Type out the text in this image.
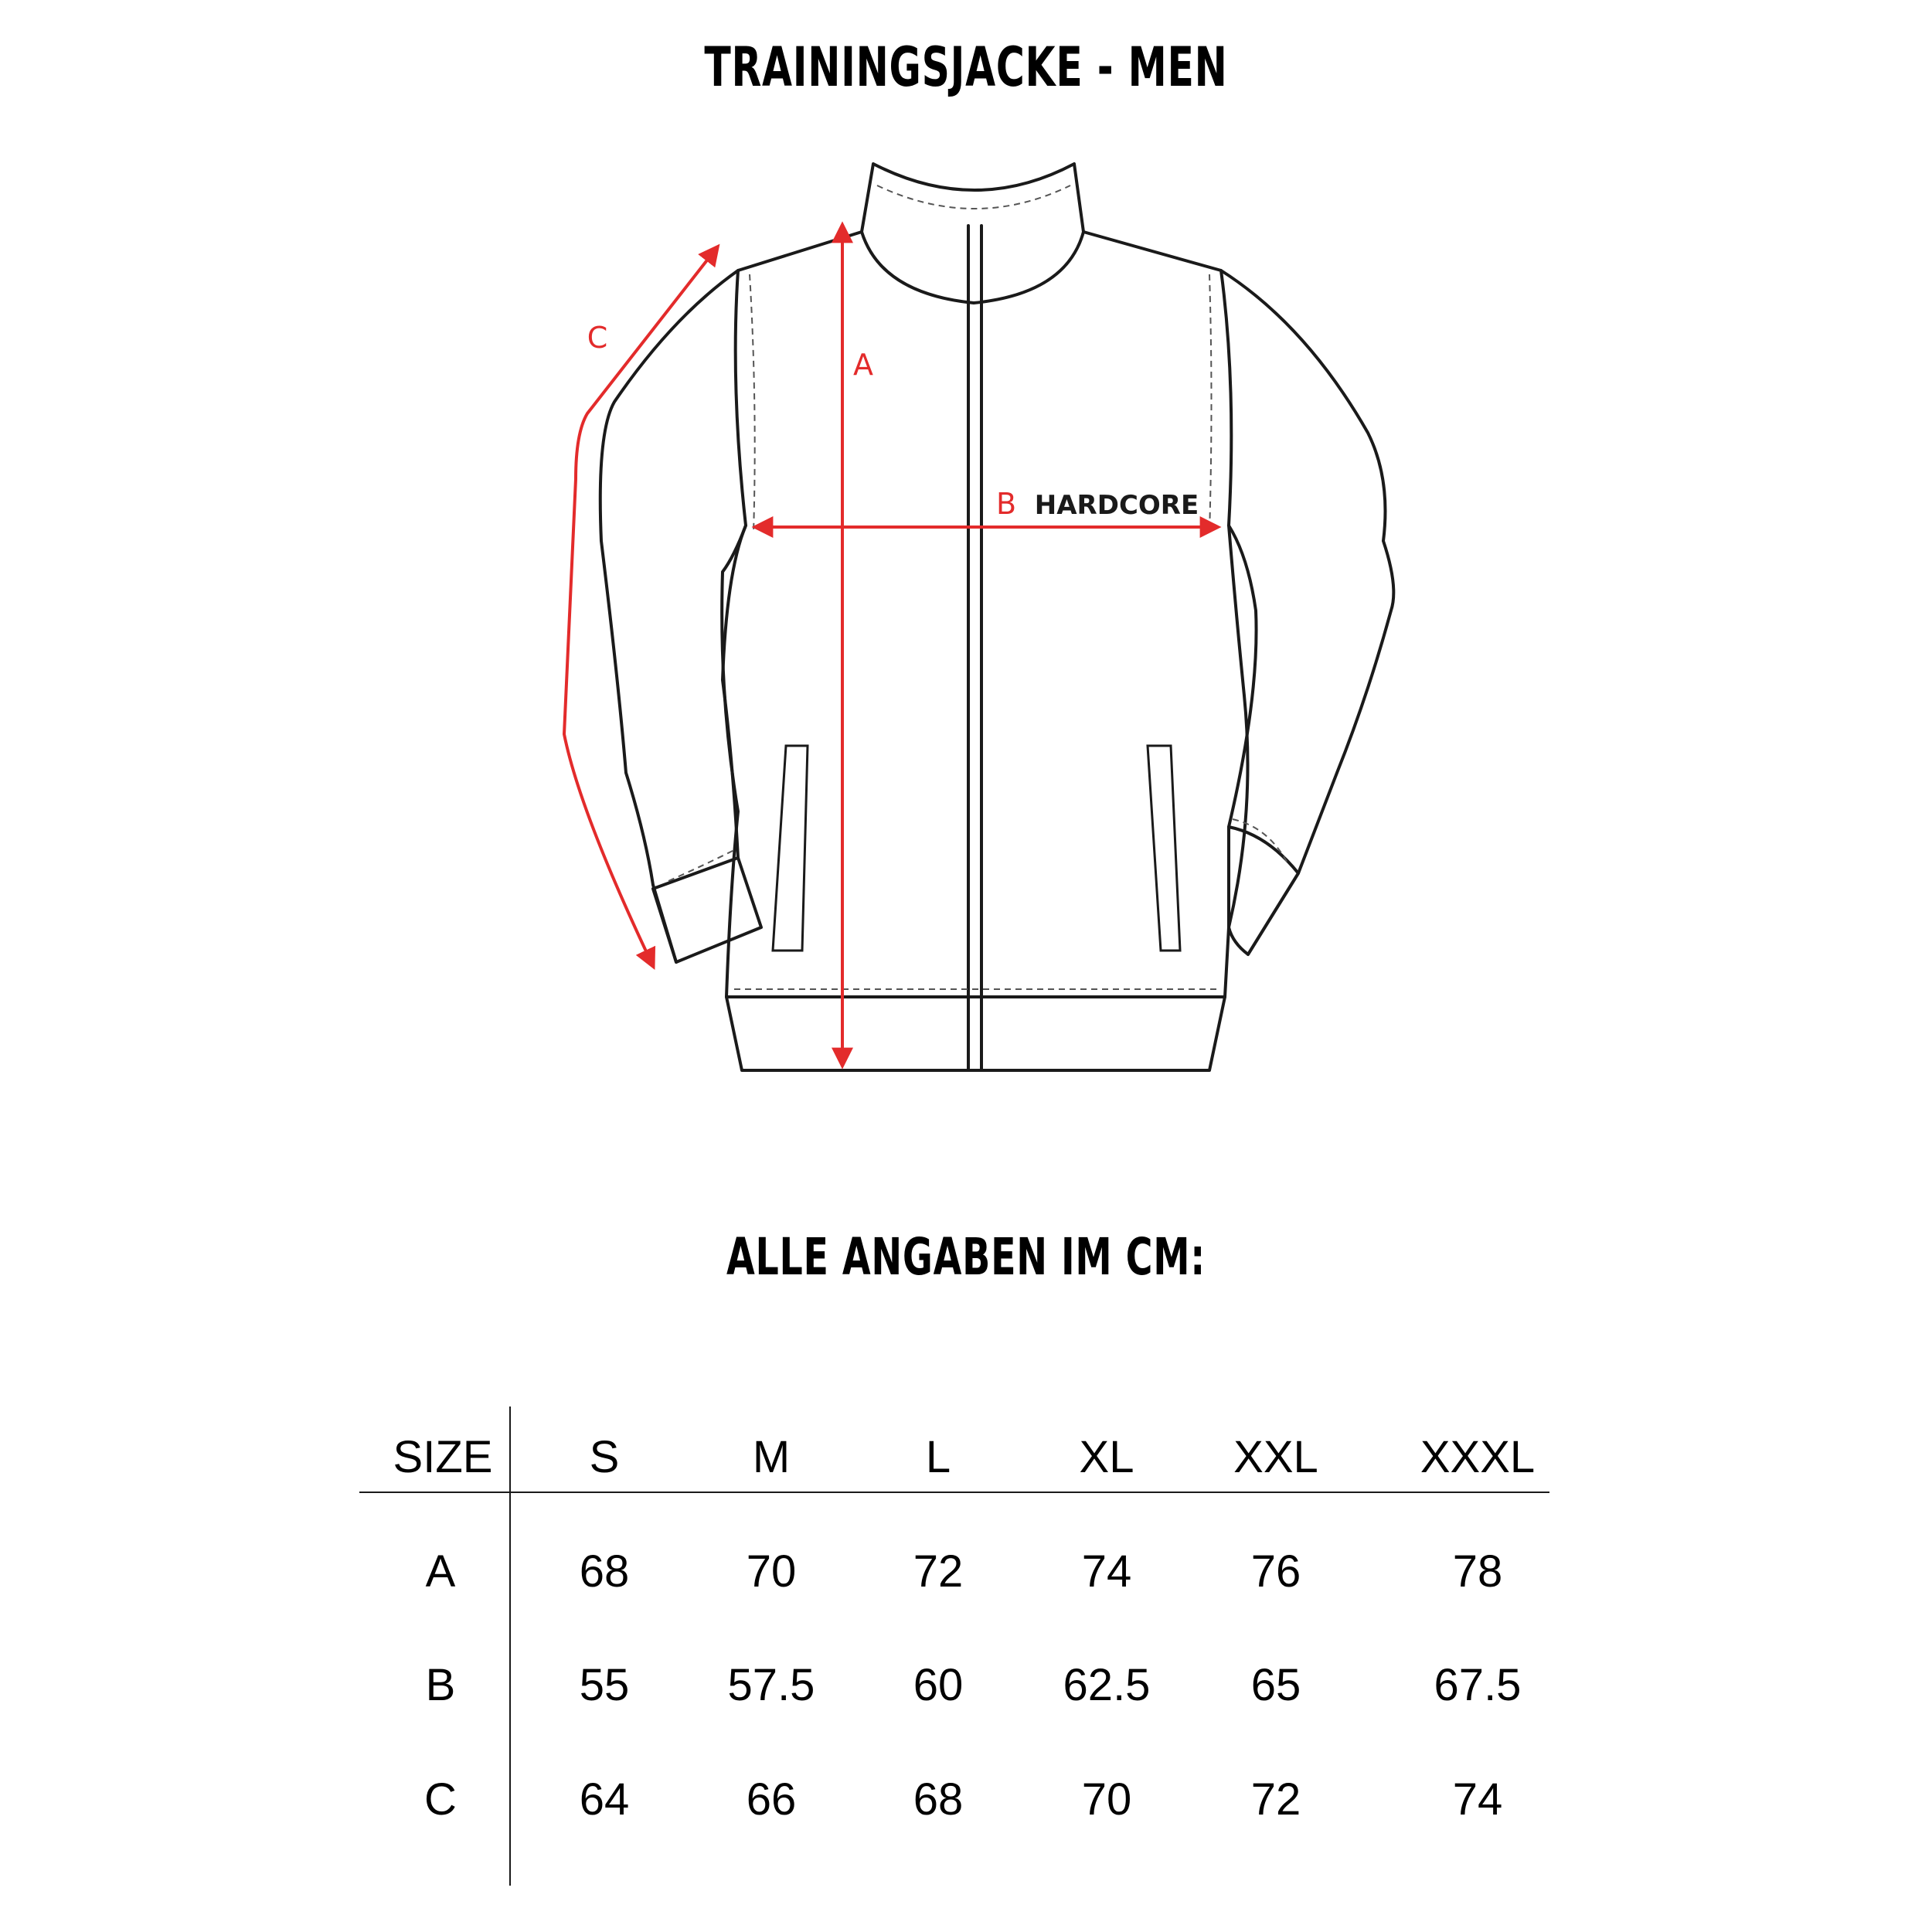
TRAININGSJACKE - MEN
HARDCORE
A
B
C
ALLE ANGABEN IM CM:
SIZE S	M	L	XL XXL XXXL
A	68	70	72	74	76	78
B	55 57.5 60 62.5 65	67.5
C	64	66	68	70	72	74
